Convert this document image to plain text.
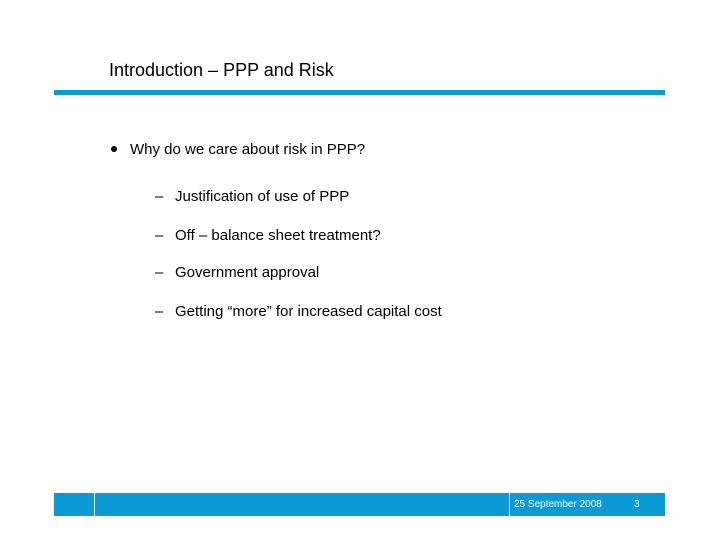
Introduction – PPP and Risk
Why do we care about risk in PPP?
– Justification of use of PPP
– Off – balance sheet treatment?
– Government approval
– Getting “more” for increased capital cost
25 September 2008	3
